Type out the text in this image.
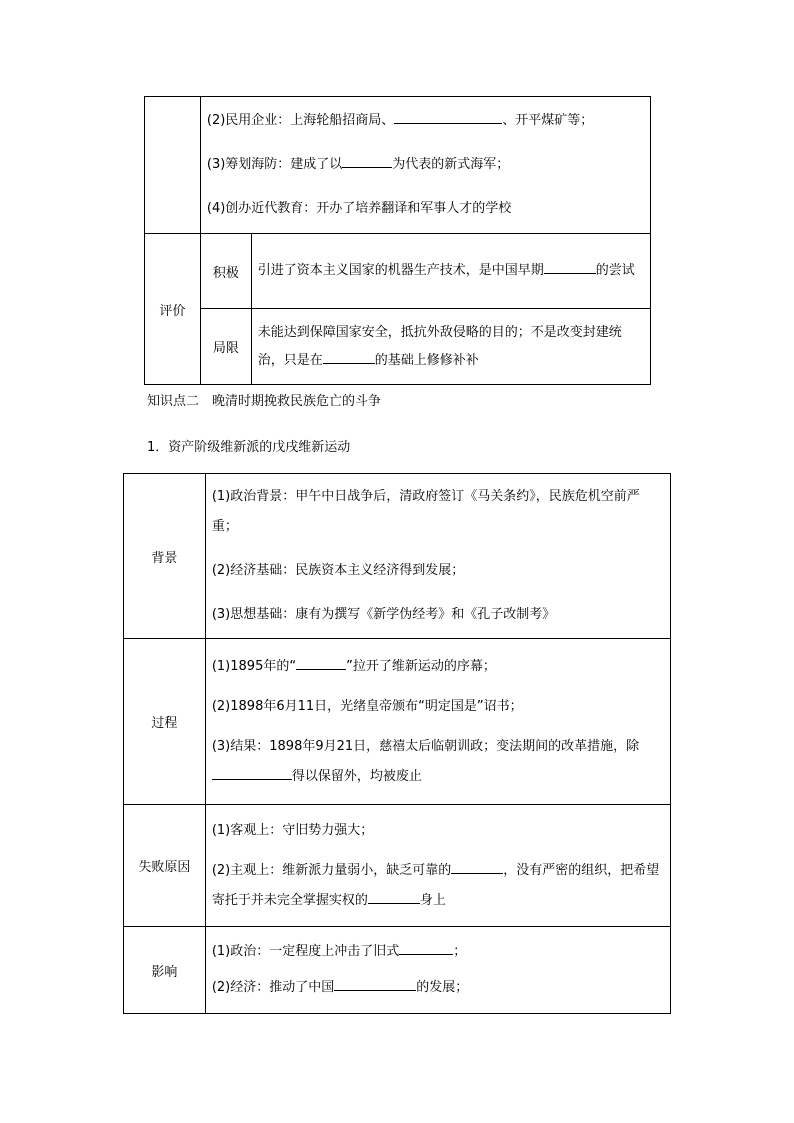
	(2)民用企业：上海轮船招商局、 、开平煤矿等；
(3)筹划海防：建成了以 为代表的新式海军；
(4)创办近代教育：开办了培养翻译和军事人才的学校	

评价	积极	引进了资本主义国家的机器生产技术，是中国早期 的尝试

	局限	未能达到保障国家安全，抵抗外敌侵略的目的；不是改变封建统治，只是在 的基础上修修补补
知识点二　晚清时期挽救民族危亡的斗争
1．资产阶级维新派的戊戌维新运动
背景	(1)政治背景：甲午中日战争后，清政府签订《马关条约》，民族危机空前严重；
(2)经济基础：民族资本主义经济得到发展；
(3)思想基础：康有为撰写《新学伪经考》和《孔子改制考》

过程	(1)1895年的“ ”拉开了维新运动的序幕；
(2)1898年6月11日，光绪皇帝颁布“明定国是”诏书；
(3)结果：1898年9月21日，慈禧太后临朝训政；变法期间的改革措施，除得以保留外，均被废止

失败原因	(1)客观上：守旧势力强大；
(2)主观上：维新派力量弱小，缺乏可靠的 ，没有严密的组织，把希望寄托于并未完全掌握实权的 身上

影响	(1)政治：一定程度上冲击了旧式 ；
(2)经济：推动了中国 的发展；
